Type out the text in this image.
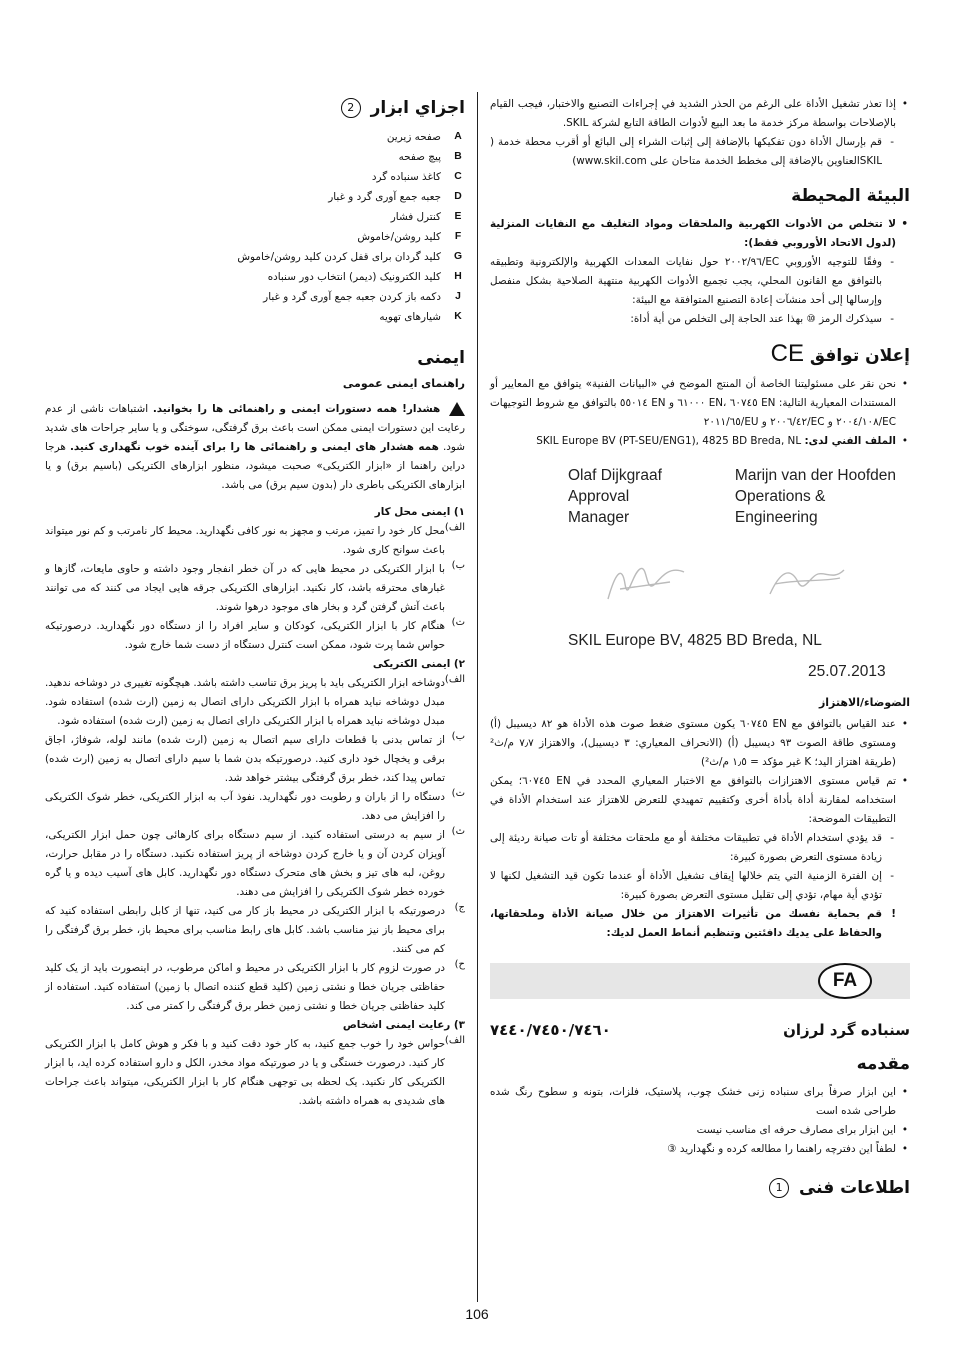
• إذا تعذر تشغيل الأداة على الرغم من الحذر الشديد في إجراءات التصنيع والاختبار، فيجب القيام بالإصلاحات بواسطة مركز خدمة ما بعد البيع لأدوات الطاقة التابع لشركة SKIL.
- قم بإرسال الأداة دون تفكيكها بالإضافة إلى إثبات الشراء إلى البائع أو أقرب محطة خدمة ( SKILالعناوين بالإضافة إلى مخطط الخدمة متاحان على www.skil.com)
البيئة المحيطة
• لا تتخلص من الأدوات الكهربية والملحقات ومواد التغليف مع النفايات المنزلية (لدول الاتحاد الأوروبي فقط):
- وفقًا للتوجيه الأوروبي EC/٢٠٠٢/٩٦ حول نفايات المعدات الكهربية والإلكترونية وتطبيقه بالتوافق مع القانون المحلي، يجب تجميع الأدوات الكهربية منتهية الصلاحية بشكل منفصل وإرسالها إلى أحد منشآت إعادة التصنيع المتوافقة مع البيئة:
- سيذكرك الرمز ⑩ بهذا عند الحاجة إلى التخلص من أية أداة:
إعلان توافق CE
• نحن نقر على مسئوليتنا الخاصة أن المنتج الموضح في «البيانات الفنية» يتوافق مع المعايير أو المستندات المعيارية التالية: EN ٦٠٧٤٥ ،EN ٦١٠٠٠ و EN ٥٥٠١٤ بالتوافق مع شروط التوجيهات EC/٢٠٠٤/١٠٨ و EC/٢٠٠٦/٤٢ و EU/٢٠١١/٦٥
• الملف الفني لدى: SKIL Europe BV (PT-SEU/ENG1), 4825 BD Breda, NL
Marijn van der Hoofden
Operations & Engineering
Olaf Dijkgraaf
Approval Manager
SKIL Europe BV, 4825 BD Breda, NL
25.07.2013
الضوضاء/الاهتزاز
• عند القياس بالتوافق مع EN ٦٠٧٤٥ يكون مستوى ضغط صوت هذه الأداة هو ٨٢ ديسيبل (أ) ومستوى طاقة الصوت ٩٣ ديسيبل (أ) (الانحراف المعياري: ٣ ديسيبل)، والاهتزاز ٧٫٧ م/ث² (طريقة اهتزاز اليد؛ K غير مؤكد = ١٫٥ م/ث²)
• تم قياس مستوى الاهتزازات بالتوافق مع الاختبار المعياري المحدد في EN ٦٠٧٤٥؛ يمكن استخدامه لمقارنة أداة بأداة أخرى وكتقييم تمهيدي للتعرض للاهتزاز عند استخدام الأداة في التطبيقات الموضحة:
- قد يؤدي استخدام الأداة في تطبيقات مختلفة أو مع ملحقات مختلفة أو تات صيانة رديئة إلى زيادة مستوى التعرض بصورة كبيرة:
- إن الفترة الزمنية التي يتم خلالها إيقاف تشغيل الأداة أو عندما تكون قيد التشغيل لكنها لا تؤدي أية مهام، تؤدي إلى تقليل مستوى التعرض بصورة كبيرة:
! قم بحماية نفسك من تأثيرات الاهتزاز من خلال صيانة الأداة وملحقاتها، والحفاظ على يديك دافئتين وتنظيم أنماط العمل لديك:
FA
سنباده گرد لرزان
٧٤٤٠/٧٤٥٠/٧٤٦٠
مقدمه
• این ابزار صرفاً برای سنباده زنی خشک چوب، پلاستیک، فلزات، بتونه و سطوح رنگ شده طراحی شده است
• این ابزار برای مصارف حرفه ای مناسب نیست
• لطفاً این دفترچه راهنما را مطالعه کرده و نگهدارید ③
اطلاعات فنی 1
اجزاي ابزار 2
A
صفحه زیرین
B
پیچ صفحه
C
کاغذ سنباده گرد
D
جعبه جمع آوری گرد و غبار
E
کنترل فشار
F
کلید روشن/خاموش
G
کلید گردان برای قفل کردن کلید روشن/خاموش
H
کلید الکترونیک (دیمر) انتخاب دور سنباده
J
دکمه باز کردن جعبه جمع آوری گرد و غبار
K
شیارهای تهویه
ايمنی
راهنمای ایمنی عمومی

هشدار! همه دستورات ایمنی و راهنمائی ها را بخوانید. اشتباهات ناشی از عدم رعایت این دستورات ایمنی ممکن است باعث برق گرفتگی، سوختگی و یا سایر جراحات های شدید شود. همه هشدار های ایمنی و راهنمائی ها را برای آینده خوب نگهداری کنید. هرجا دراین راهنما از «ابزار الکتریکی» صحبت میشود، منظور ابزارهای الکتریکی (باسیم برق) و یا ابزارهای الکتریکی باطری دار (بدون سیم برق) می باشد.

١) ایمنی محل کار

الف)

محل کار خود را تمیز، مرتب و مجهز به نور کافی نگهدارید. محیط کار نامرتب و کم نور میتواند باعث سوانح کاری شود.

ب)

با ابزار الکتریکی در محیط هایی که در آن خطر انفجار وجود داشته و حاوی مایعات، گازها و غبارهای محترقه باشد، کار نکنید. ابزارهای الکتریکی جرقه هایی ایجاد می کنند که می توانند باعث آتش گرفتن گرد و بخار های موجود درهوا شوند.

ت)

هنگام کار با ابزار الکتریکی، کودکان و سایر افراد را از دستگاه دور نگهدارید. درصورتیکه حواس شما پرت شود، ممکن است کنترل دستگاه از دست شما خارج شود.

٢) ایمنی الکتریکی

الف)

دوشاخه ابزار الکتریکی باید با پریز برق تناسب داشته باشد. هیچگونه تغییری در دوشاخه ندهید. مبدل دوشاخه نباید همراه با ابزار الکتریکی دارای اتصال به زمین (ارت شده) استفاده شود. مبدل دوشاخه نباید همراه با ابزار الکتریکی دارای اتصال به زمین (ارت شده) استفاده شود.

ب)

از تماس بدنی با قطعات دارای سیم اتصال به زمین (ارت شده) مانند لوله، شوفاژ، اجاق برقی و یخچال خود داری کنید. درصورتیکه بدن شما با سیم دارای اتصال به زمین (ارت شده) تماس پیدا کند، خطر برق گرفتگی بیشتر خواهد شد.

ت)

دستگاه را از باران و رطوبت دور نگهدارید. نفوذ آب به ابزار الکتریکی، خطر شوک الکتریکی را افزایش می دهد.

ث)

از سیم به درستی استفاده کنید. از سیم دستگاه برای کارهائی چون حمل ابزار الکتریکی، آویزان کردن آن و یا خارج کردن دوشاخه از پریز استفاده نکنید. دستگاه را در مقابل حرارت، روغن، لبه های تیز و بخش های متحرک دستگاه دور نگهدارید. کابل های آسیب دیده و یا گره خورده خطر شوک الکتریکی را افزایش می دهند.

ج)

درصورتیکه با ابزار الکتریکی در محیط باز کار می کنید، تنها از کابل رابطی استفاده کنید که برای محیط باز نیز مناسب باشد. کابل های رابط مناسب برای محیط باز، خطر برق گرفتگی را کم می کنند.

ح)

در صورت لزوم کار با ابزار الکتریکی در محیط و اماکن مرطوب، در اینصورت باید از یک کلید حفاظتی جریان خطا و نشتی زمین (کلید قطع کننده اتصال با زمین) استفاده کنید. استفاده از کلید حفاظتی جریان خطا و نشتی زمین خطر برق گرفتگی را کمتر می کند.

٣) رعایت ایمنی اشخاص

الف)

حواس خود را خوب جمع کنید، به کار خود دقت کنید و با فکر و هوش کامل با ابزار الکتریکی کار کنید. درصورت خستگی و یا در صورتیکه مواد مخدر، الکل و دارو استفاده کرده اید، با ابزار الکتریکی کار نکنید. یک لحظه بی توجهی هنگام کار با ابزار الکتریکی، میتواند باعث جراحات های شدیدی به همراه داشته باشد.

106
